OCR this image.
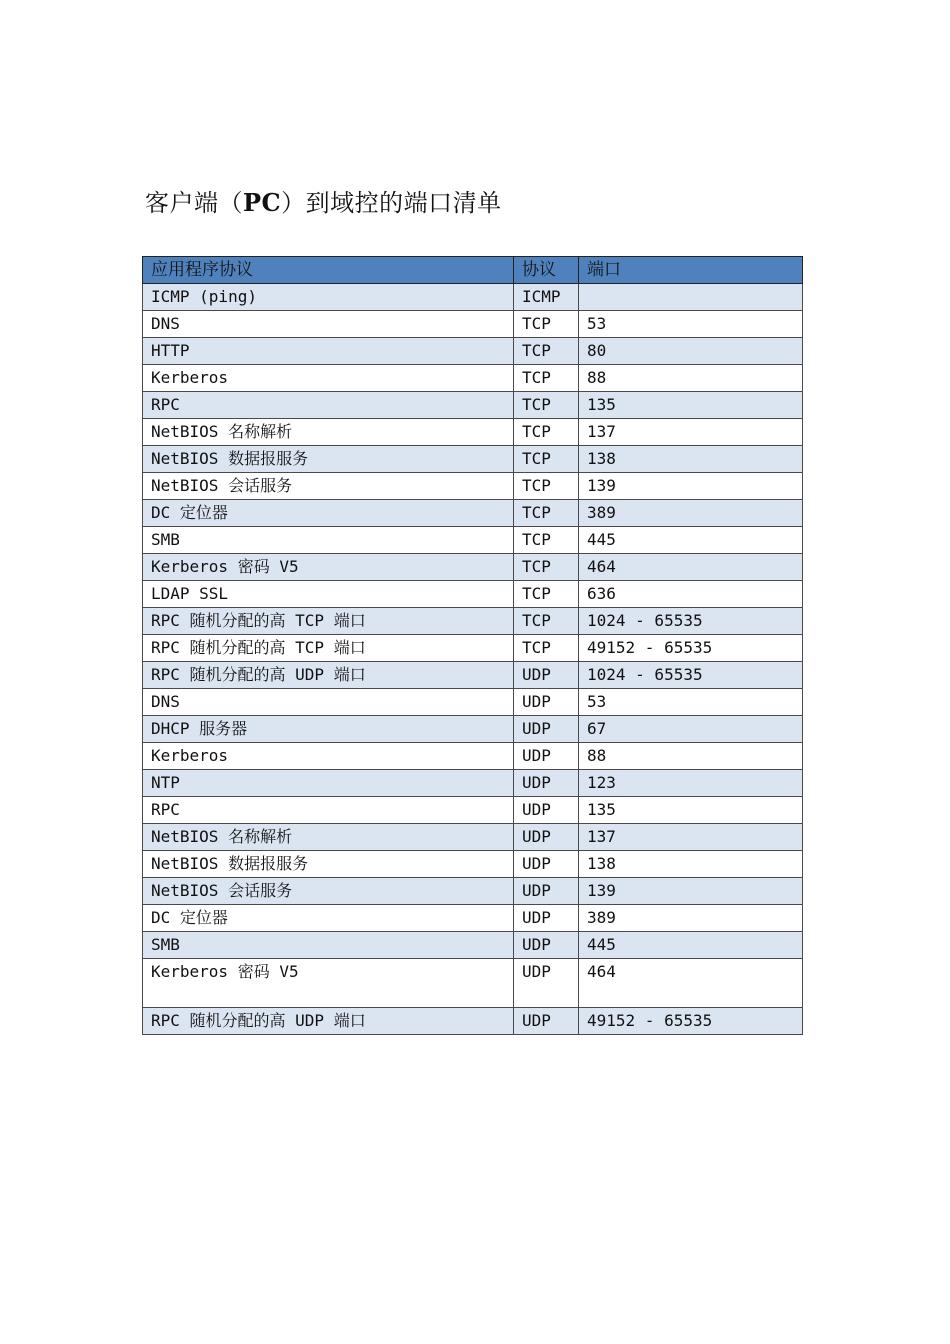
客户端（PC）到域控的端口清单
应用程序协议	协议	端口
ICMP (ping)	ICMP	
DNS	TCP	53
HTTP	TCP	80
Kerberos	TCP	88
RPC	TCP	135
NetBIOS 名称解析	TCP	137
NetBIOS 数据报服务	TCP	138
NetBIOS 会话服务	TCP	139
DC 定位器	TCP	389
SMB	TCP	445
Kerberos 密码 V5	TCP	464
LDAP SSL	TCP	636
RPC 随机分配的高 TCP 端口	TCP	1024 - 65535
RPC 随机分配的高 TCP 端口	TCP	49152 - 65535
RPC 随机分配的高 UDP 端口	UDP	1024 - 65535
DNS	UDP	53
DHCP 服务器	UDP	67
Kerberos	UDP	88
NTP	UDP	123
RPC	UDP	135
NetBIOS 名称解析	UDP	137
NetBIOS 数据报服务	UDP	138
NetBIOS 会话服务	UDP	139
DC 定位器	UDP	389
SMB	UDP	445
Kerberos 密码 V5	UDP	464
RPC 随机分配的高 UDP 端口	UDP	49152 - 65535
